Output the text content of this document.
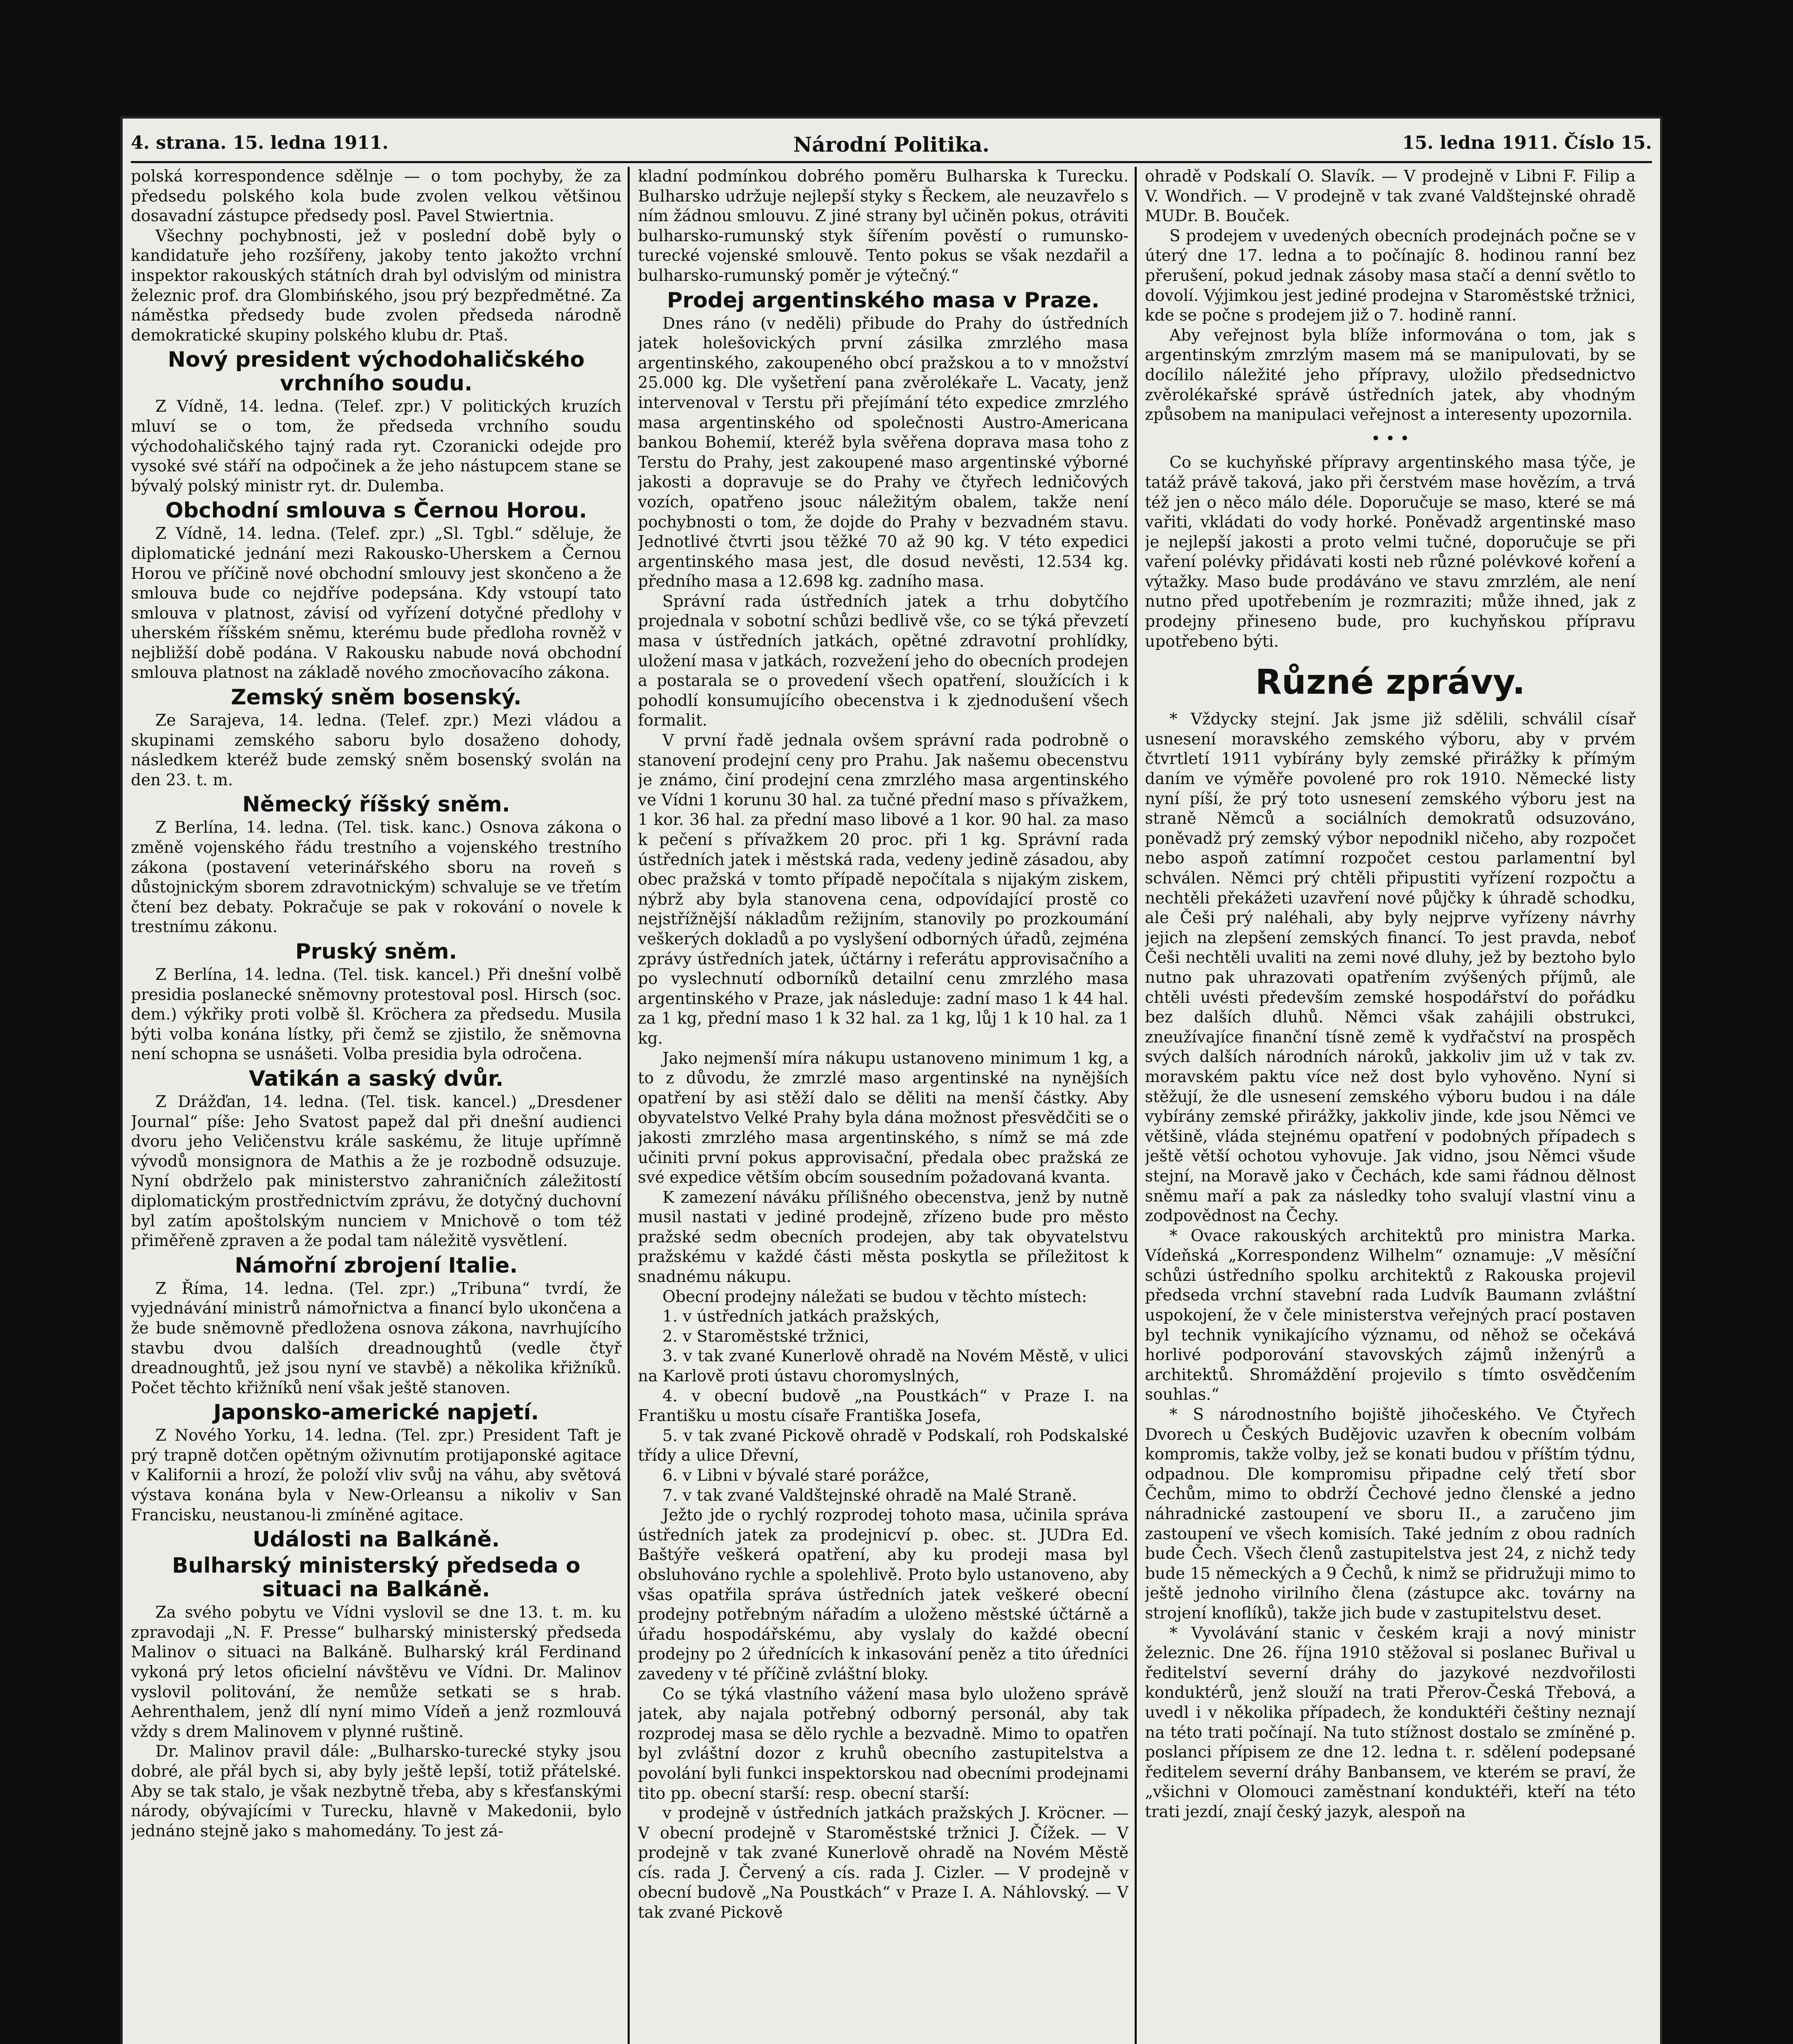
4. strana. 15. ledna 1911.	Národní Politika.	15. ledna 1911. Číslo 15.

polská korrespondence sdělnje — o tom pochyby, že za předsedu polského kola bude zvolen velkou většinou dosavadní zástupce předsedy posl. Pavel Stwiertnia.

Všechny pochybnosti, jež v poslední době byly o kandidatuře jeho rozšířeny, jakoby tento jakožto vrchní inspektor rakouských státních drah byl odvislým od ministra železnic prof. dra Glombińského, jsou prý bezpředmětné. Za náměstka předsedy bude zvolen předseda národně demokratické skupiny polského klubu dr. Ptaš.

Nový president východohaličského vrchního soudu.

Z Vídně, 14. ledna. (Telef. zpr.) V politických kruzích mluví se o tom, že předseda vrchního soudu východohaličského tajný rada ryt. Czoranicki odejde pro vysoké své stáří na odpočinek a že jeho nástupcem stane se bývalý polský ministr ryt. dr. Dulemba.

Obchodní smlouva s Černou Horou.

Z Vídně, 14. ledna. (Telef. zpr.) „Sl. Tgbl.“ sděluje, že diplomatické jednání mezi Rakousko-Uherskem a Černou Horou ve příčině nové obchodní smlouvy jest skončeno a že smlouva bude co nejdříve podepsána. Kdy vstoupí tato smlouva v platnost, závisí od vyřízení dotyčné předlohy v uherském říšském sněmu, kterému bude předloha rovněž v nejbližší době podána. V Rakousku nabude nová obchodní smlouva platnost na základě nového zmocňovacího zákona.

Zemský sněm bosenský.

Ze Sarajeva, 14. ledna. (Telef. zpr.) Mezi vládou a skupinami zemského saboru bylo dosaženo dohody, následkem kteréž bude zemský sněm bosenský svolán na den 23. t. m.

Německý říšský sněm.

Z Berlína, 14. ledna. (Tel. tisk. kanc.) Osnova zákona o změně vojenského řádu trestního a vojenského trestního zákona (postavení veterinářského sboru na roveň s důstojnickým sborem zdravotnickým) schvaluje se ve třetím čtení bez debaty. Pokračuje se pak v rokování o novele k trestnímu zákonu.

Pruský sněm.

Z Berlína, 14. ledna. (Tel. tisk. kancel.) Při dnešní volbě presidia poslanecké sněmovny protestoval posl. Hirsch (soc. dem.) výkřiky proti volbě šl. Kröchera za předsedu. Musila býti volba konána lístky, při čemž se zjistilo, že sněmovna není schopna se usnášeti. Volba presidia byla odročena.

Vatikán a saský dvůr.

Z Drážďan, 14. ledna. (Tel. tisk. kancel.) „Dresdener Journal“ píše: Jeho Svatost papež dal při dnešní audienci dvoru jeho Veličenstvu krále saskému, že lituje upřímně vývodů monsignora de Mathis a že je rozbodně odsuzuje. Nyní obdrželo pak ministerstvo zahraničních záležitostí diplomatickým prostřednictvím zprávu, že dotyčný duchovní byl zatím apoštolským nunciem v Mnichově o tom též přiměřeně zpraven a že podal tam náležitě vysvětlení.

Námořní zbrojení Italie.

Z Říma, 14. ledna. (Tel. zpr.) „Tribuna“ tvrdí, že vyjednávání ministrů námořnictva a financí bylo ukončena a že bude sněmovně předložena osnova zákona, navrhujícího stavbu dvou dalších dreadnoughtů (vedle čtyř dreadnoughtů, jež jsou nyní ve stavbě) a několika křižníků. Počet těchto křižníků není však ještě stanoven.

Japonsko-americké napjetí.

Z Nového Yorku, 14. ledna. (Tel. zpr.) President Taft je prý trapně dotčen opětným oživnutím protijaponské agitace v Kalifornii a hrozí, že položí vliv svůj na váhu, aby světová výstava konána byla v New-Orleansu a nikoliv v San Francisku, neustanou-li zmíněné agitace.

Události na Balkáně.
Bulharský ministerský předseda o situaci na Balkáně.

Za svého pobytu ve Vídni vyslovil se dne 13. t. m. ku zpravodaji „N. F. Presse“ bulharský ministerský předseda Malinov o situaci na Balkáně. Bulharský král Ferdinand vykoná prý letos oficielní návštěvu ve Vídni. Dr. Malinov vyslovil politování, že nemůže setkati se s hrab. Aehrenthalem, jenž dlí nyní mimo Vídeň a jenž rozmlouvá vždy s drem Malinovem v plynné ruštině.

Dr. Malinov pravil dále: „Bulharsko-turecké styky jsou dobré, ale přál bych si, aby byly ještě lepší, totiž přátelské. Aby se tak stalo, je však nezbytně třeba, aby s křesťanskými národy, obývajícími v Turecku, hlavně v Makedonii, bylo jednáno stejně jako s mahomedány. To jest zá-

kladní podmínkou dobrého poměru Bulharska k Turecku. Bulharsko udržuje nejlepší styky s Řeckem, ale neuzavřelo s ním žádnou smlouvu. Z jiné strany byl učiněn pokus, otráviti bulharsko-rumunský styk šířením pověstí o rumunsko-turecké vojenské smlouvě. Tento pokus se však nezdařil a bulharsko-rumunský poměr je výtečný.“

Prodej argentinského masa v Praze.

Dnes ráno (v neděli) přibude do Prahy do ústředních jatek holešovických první zásilka zmrzlého masa argentinského, zakoupeného obcí pražskou a to v množství 25.000 kg. Dle vyšetření pana zvěrolékaře L. Vacaty, jenž intervenoval v Terstu při přejímání této expedice zmrzlého masa argentinského od společnosti Austro-Americana bankou Bohemií, kteréž byla svěřena doprava masa toho z Terstu do Prahy, jest zakoupené maso argentinské výborné jakosti a dopravuje se do Prahy ve čtyřech ledničových vozích, opatřeno jsouc náležitým obalem, takže není pochybnosti o tom, že dojde do Prahy v bezvadném stavu. Jednotlivé čtvrti jsou těžké 70 až 90 kg. V této expedici argentinského masa jest, dle dosud nevěsti, 12.534 kg. předního masa a 12.698 kg. zadního masa.

Správní rada ústředních jatek a trhu dobytčího projednala v sobotní schůzi bedlivě vše, co se týká převzetí masa v ústředních jatkách, opětné zdravotní prohlídky, uložení masa v jatkách, rozvežení jeho do obecních prodejen a postarala se o provedení všech opatření, sloužících i k pohodlí konsumujícího obecenstva i k zjednodušení všech formalit.

V první řadě jednala ovšem správní rada podrobně o stanovení prodejní ceny pro Prahu. Jak našemu obecenstvu je známo, činí prodejní cena zmrzlého masa argentinského ve Vídni 1 korunu 30 hal. za tučné přední maso s přívažkem, 1 kor. 36 hal. za přední maso libové a 1 kor. 90 hal. za maso k pečení s přívažkem 20 proc. při 1 kg. Správní rada ústředních jatek i městská rada, vedeny jedině zásadou, aby obec pražská v tomto případě nepočítala s nijakým ziskem, nýbrž aby byla stanovena cena, odpovídající prostě co nejstřížnější nákladům režijním, stanovily po prozkoumání veškerých dokladů a po vyslyšení odborných úřadů, zejména zprávy ústředních jatek, účtárny i referátu approvisačního a po vyslechnutí odborníků detailní cenu zmrzlého masa argentinského v Praze, jak následuje: zadní maso 1 k 44 hal. za 1 kg, přední maso 1 k 32 hal. za 1 kg, lůj 1 k 10 hal. za 1 kg.

Jako nejmenší míra nákupu ustanoveno minimum 1 kg, a to z důvodu, že zmrzlé maso argentinské na nynějších opatření by asi stěží dalo se děliti na menší částky. Aby obyvatelstvo Velké Prahy byla dána možnost přesvědčiti se o jakosti zmrzlého masa argentinského, s nímž se má zde učiniti první pokus approvisační, předala obec pražská ze své expedice větším obcím sousedním požadovaná kvanta.

K zamezení náváku přílišného obecenstva, jenž by nutně musil nastati v jediné prodejně, zřízeno bude pro město pražské sedm obecních prodejen, aby tak obyvatelstvu pražskému v každé části města poskytla se příležitost k snadnému nákupu.

Obecní prodejny náležati se budou v těchto místech:

1. v ústředních jatkách pražských,

2. v Staroměstské tržnici,

3. v tak zvané Kunerlově ohradě na Novém Městě, v ulici na Karlově proti ústavu choromyslných,

4. v obecní budově „na Poustkách“ v Praze I. na Františku u mostu císaře Františka Josefa,

5. v tak zvané Pickově ohradě v Podskalí, roh Podskalské třídy a ulice Dřevní,

6. v Libni v bývalé staré porážce,

7. v tak zvané Valdštejnské ohradě na Malé Straně.

Ježto jde o rychlý rozprodej tohoto masa, učinila správa ústředních jatek za prodejnicví p. obec. st. JUDra Ed. Baštýře veškerá opatření, aby ku prodeji masa byl obsluhováno rychle a spolehlivě. Proto bylo ustanoveno, aby všas opatřila správa ústředních jatek veškeré obecní prodejny potřebným nářadím a uloženo městské účtárně a úřadu hospodářskému, aby vyslaly do každé obecní prodejny po 2 úřednících k inkasování peněz a tito úředníci zavedeny v té příčině zvláštní bloky.

Co se týká vlastního vážení masa bylo uloženo správě jatek, aby najala potřebný odborný personál, aby tak rozprodej masa se dělo rychle a bezvadně. Mimo to opatřen byl zvláštní dozor z kruhů obecního zastupitelstva a povolání byli funkci inspektorskou nad obecními prodejnami tito pp. obecní starší: resp. obecní starší:

v prodejně v ústředních jatkách pražských J. Kröcner. — V obecní prodejně v Staroměstské tržnici J. Čížek. — V prodejně v tak zvané Kunerlově ohradě na Novém Městě cís. rada J. Červený a cís. rada J. Cizler. — V prodejně v obecní budově „Na Poustkách“ v Praze I. A. Náhlovský. — V tak zvané Pickově

ohradě v Podskalí O. Slavík. — V prodejně v Libni F. Filip a V. Wondřich. — V prodejně v tak zvané Valdštejnské ohradě MUDr. B. Bouček.

S prodejem v uvedených obecních prodejnách počne se v úterý dne 17. ledna a to počínajíc 8. hodinou ranní bez přerušení, pokud jednak zásoby masa stačí a denní světlo to dovolí. Výjimkou jest jediné prodejna v Staroměstské tržnici, kde se počne s prodejem již o 7. hodině ranní.

Aby veřejnost byla blíže informována o tom, jak s argentinským zmrzlým masem má se manipulovati, by se docílilo náležité jeho přípravy, uložilo předsednictvo zvěrolékařské správě ústředních jatek, aby vhodným způsobem na manipulaci veřejnost a interesenty upozornila.

• • •

Co se kuchyňské přípravy argentinského masa týče, je tatáž právě taková, jako při čerstvém mase hovězím, a trvá též jen o něco málo déle. Doporučuje se maso, které se má vařiti, vkládati do vody horké. Poněvadž argentinské maso je nejlepší jakosti a proto velmi tučné, doporučuje se při vaření polévky přidávati kosti neb různé polévkové koření a výtažky. Maso bude prodáváno ve stavu zmrzlém, ale není nutno před upotřebením je rozmraziti; může ihned, jak z prodejny přineseno bude, pro kuchyňskou přípravu upotřebeno býti.

Různé zprávy.

* Vždycky stejní. Jak jsme již sdělili, schválil císař usnesení moravského zemského výboru, aby v prvém čtvrtletí 1911 vybírány byly zemské přirážky k přímým daním ve výměře povolené pro rok 1910. Německé listy nyní píší, že prý toto usnesení zemského výboru jest na straně Němců a sociálních demokratů odsuzováno, poněvadž prý zemský výbor nepodnikl ničeho, aby rozpočet nebo aspoň zatímní rozpočet cestou parlamentní byl schválen. Němci prý chtěli připustiti vyřízení rozpočtu a nechtěli překážeti uzavření nové půjčky k úhradě schodku, ale Češi prý naléhali, aby byly nejprve vyřízeny návrhy jejich na zlepšení zemských financí. To jest pravda, neboť Češi nechtěli uvaliti na zemi nové dluhy, jež by beztoho bylo nutno pak uhrazovati opatřením zvýšených příjmů, ale chtěli uvésti především zemské hospodářství do pořádku bez dalších dluhů. Němci však zahájili obstrukci, zneužívajíce finanční tísně země k vydřačství na prospěch svých dalších národních nároků, jakkoliv jim už v tak zv. moravském paktu více než dost bylo vyhověno. Nyní si stěžují, že dle usnesení zemského výboru budou i na dále vybírány zemské přirážky, jakkoliv jinde, kde jsou Němci ve většině, vláda stejnému opatření v podobných případech s ještě větší ochotou vyhovuje. Jak vidno, jsou Němci všude stejní, na Moravě jako v Čechách, kde sami řádnou dělnost sněmu maří a pak za následky toho svalují vlastní vinu a zodpovědnost na Čechy.

* Ovace rakouských architektů pro ministra Marka. Vídeňská „Korrespondenz Wilhelm“ oznamuje: „V měsíční schůzi ústředního spolku architektů z Rakouska projevil předseda vrchní stavební rada Ludvík Baumann zvláštní uspokojení, že v čele ministerstva veřejných prací postaven byl technik vynikajícího významu, od něhož se očekává horlivé podporování stavovských zájmů inženýrů a architektů. Shromáždění projevilo s tímto osvědčením souhlas.“

* S národnostního bojiště jihočeského. Ve Čtyřech Dvorech u Českých Budějovic uzavřen k obecním volbám kompromis, takže volby, jež se konati budou v příštím týdnu, odpadnou. Dle kompromisu připadne celý třetí sbor Čechům, mimo to obdrží Čechové jedno členské a jedno náhradnické zastoupení ve sboru II., a zaručeno jim zastoupení ve všech komisích. Také jedním z obou radních bude Čech. Všech členů zastupitelstva jest 24, z nichž tedy bude 15 německých a 9 Čechů, k nimž se přidružuji mimo to ještě jednoho virilního člena (zástupce akc. továrny na strojení knoflíků), takže jich bude v zastupitelstvu deset.

* Vyvolávání stanic v českém kraji a nový ministr železnic. Dne 26. října 1910 stěžoval si poslanec Buřival u ředitelství severní dráhy do jazykové nezdvořilosti konduktérů, jenž slouží na trati Přerov-Česká Třebová, a uvedl i v několika případech, že konduktéři češtiny neznají na této trati počínají. Na tuto stížnost dostalo se zmíněné p. poslanci přípisem ze dne 12. ledna t. r. sdělení podepsané ředitelem severní dráhy Banbansem, ve kterém se praví, že „všichni v Olomouci zaměstnaní konduktéři, kteří na této trati jezdí, znají český jazyk, alespoň na
